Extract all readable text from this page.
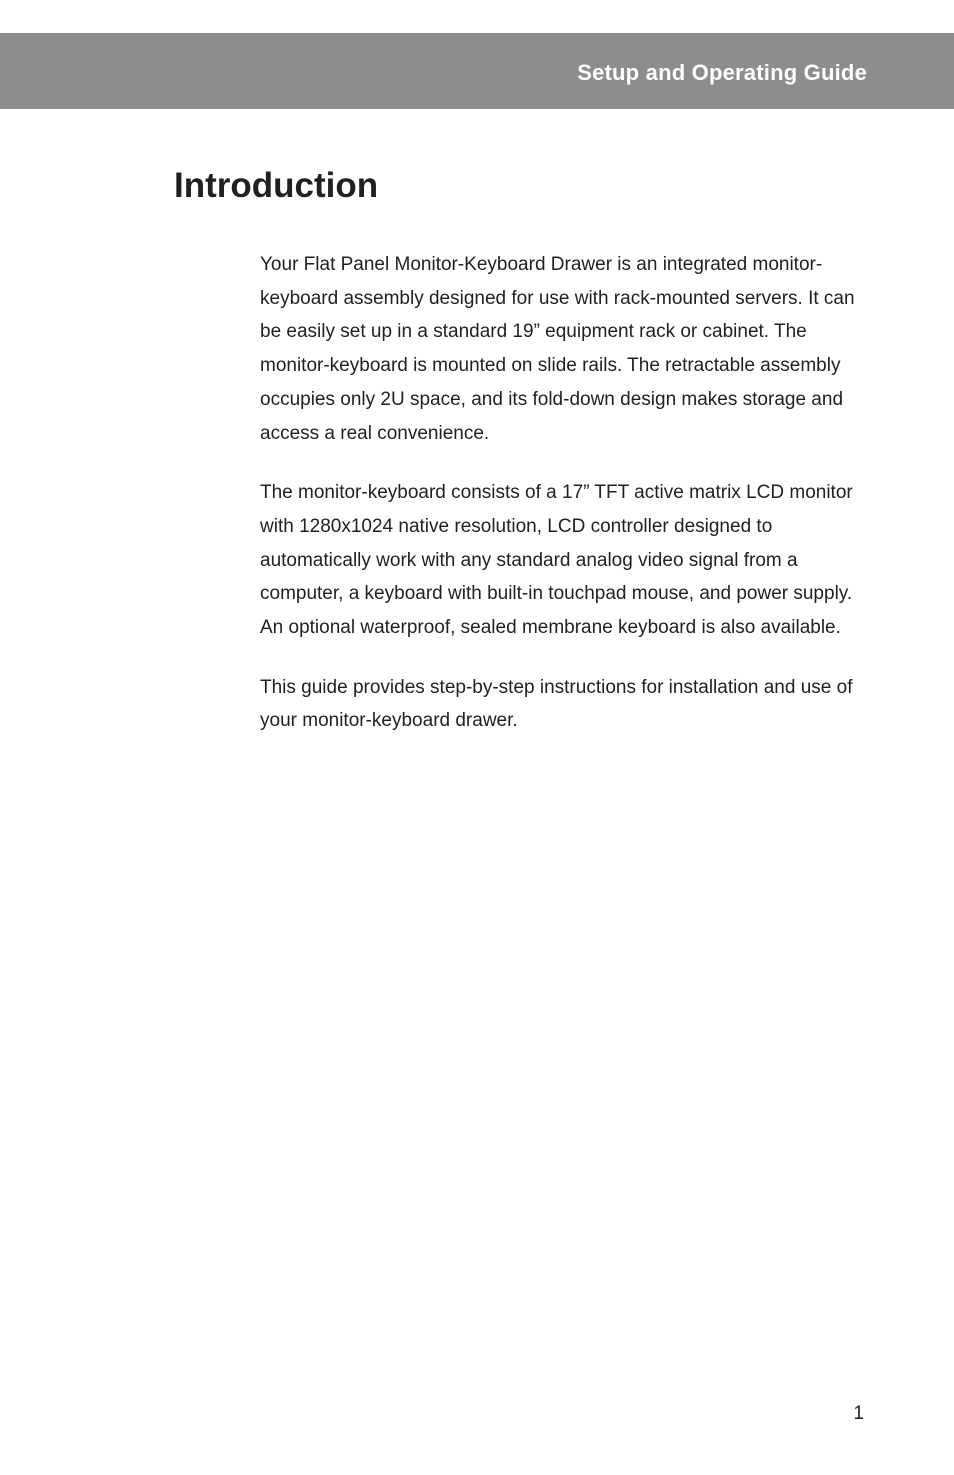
Setup and Operating Guide
Introduction

Your Flat Panel Monitor-Keyboard Drawer is an integrated monitor-keyboard assembly designed for use with rack-mounted servers. It can be easily set up in a standard 19” equipment rack or cabinet. The monitor-keyboard is mounted on slide rails. The retractable assembly occupies only 2U space, and its fold-down design makes storage and access a real convenience.

The monitor-keyboard consists of a 17” TFT active matrix LCD monitor with 1280x1024 native resolution, LCD controller designed to automatically work with any standard analog video signal from a computer, a keyboard with built-in touchpad mouse, and power supply. An optional waterproof, sealed membrane keyboard is also available.

This guide provides step-by-step instructions for installation and use of your monitor-keyboard drawer.

1
